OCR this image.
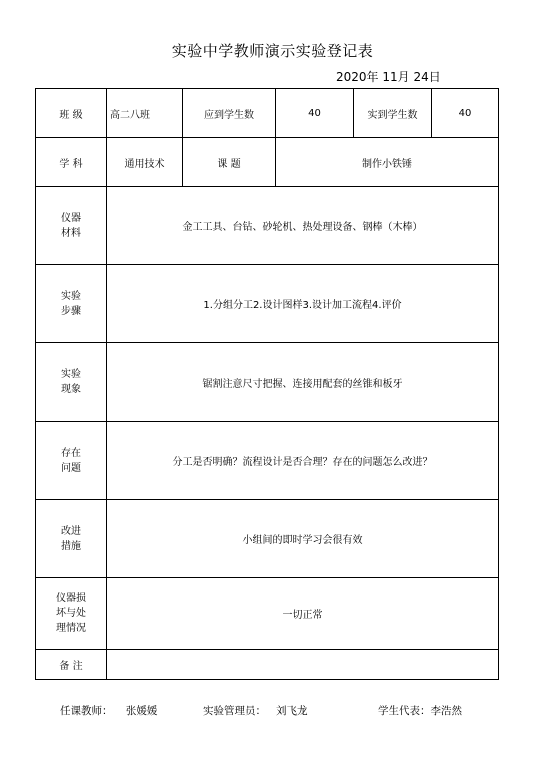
实验中学教师演示实验登记表
2020年 11月 24日
班 级	高二八班	应到学生数	40	实到学生数	40
学 科	通用技术	课 题	制作小铁锤		
仪器
材料	金工工具、台钻、砂轮机、热处理设备、钢棒（木棒）				
实验
步骤	1.分组分工2.设计图样3.设计加工流程4.评价				
实验
现象	锯割注意尺寸把握、连接用配套的丝锥和板牙				
存在
问题	分工是否明确？流程设计是否合理？存在的问题怎么改进？				
改进
措施	小组间的即时学习会很有效				
仪器损
坏与处
理情况	一切正常				
备 注					
任课教师：    张媛媛	实验管理员：   刘飞龙	学生代表：李浩然
